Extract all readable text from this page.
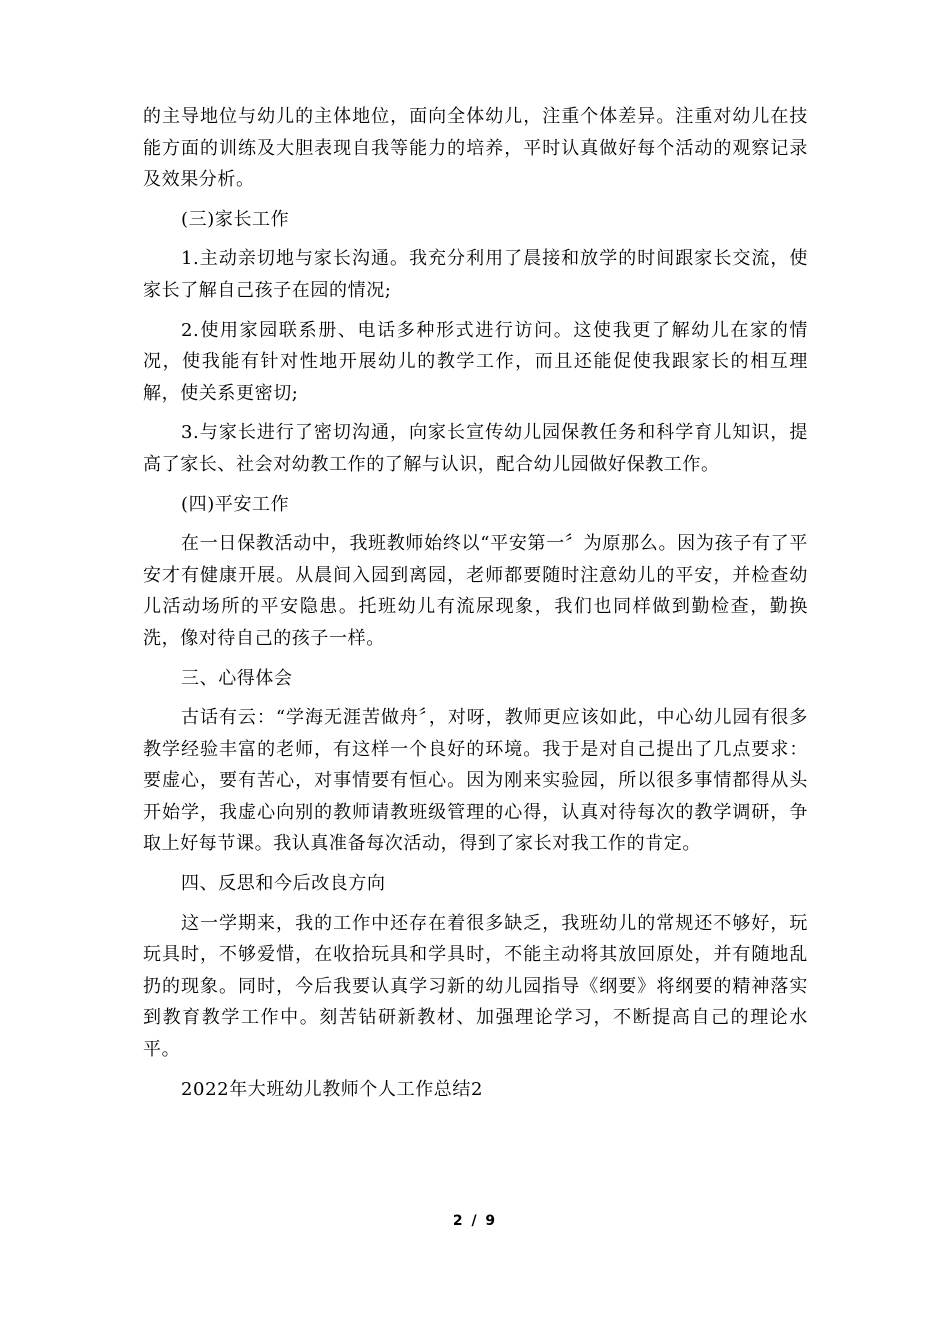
的主导地位与幼儿的主体地位，面向全体幼儿，注重个体差异。注重对幼儿在技能方面的训练及大胆表现自我等能力的培养，平时认真做好每个活动的观察记录及效果分析。

(三)家长工作

1.主动亲切地与家长沟通。我充分利用了晨接和放学的时间跟家长交流，使家长了解自己孩子在园的情况;

2.使用家园联系册、电话多种形式进行访问。这使我更了解幼儿在家的情况，使我能有针对性地开展幼儿的教学工作，而且还能促使我跟家长的相互理解，使关系更密切;

3.与家长进行了密切沟通，向家长宣传幼儿园保教任务和科学育儿知识，提高了家长、社会对幼教工作的了解与认识，配合幼儿园做好保教工作。

(四)平安工作

在一日保教活动中，我班教师始终以“平安第一〞为原那么。因为孩子有了平安才有健康开展。从晨间入园到离园，老师都要随时注意幼儿的平安，并检查幼儿活动场所的平安隐患。托班幼儿有流尿现象，我们也同样做到勤检查，勤换洗，像对待自己的孩子一样。

三、心得体会

古话有云：“学海无涯苦做舟〞，对呀，教师更应该如此，中心幼儿园有很多教学经验丰富的老师，有这样一个良好的环境。我于是对自己提出了几点要求：要虚心，要有苦心，对事情要有恒心。因为刚来实验园，所以很多事情都得从头开始学，我虚心向别的教师请教班级管理的心得，认真对待每次的教学调研，争取上好每节课。我认真准备每次活动，得到了家长对我工作的肯定。

四、反思和今后改良方向

这一学期来，我的工作中还存在着很多缺乏，我班幼儿的常规还不够好，玩玩具时，不够爱惜，在收拾玩具和学具时，不能主动将其放回原处，并有随地乱扔的现象。同时，今后我要认真学习新的幼儿园指导《纲要》将纲要的精神落实到教育教学工作中。刻苦钻研新教材、加强理论学习，不断提高自己的理论水平。

2022年大班幼儿教师个人工作总结2

2 / 9
